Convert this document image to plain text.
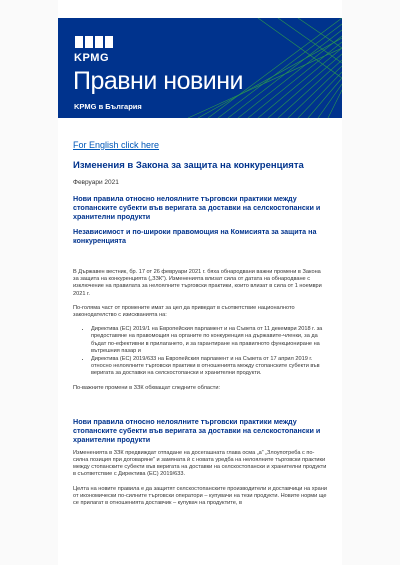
KPMG
Правни новини
KPMG в България
For English click here
Изменения в Закона за защита на конкуренцията
Февруари 2021
Нови правила относно нелоялните търговски практики между стопанските субекти във веригата за доставки на селскостопански и хранителни продукти
Независимост и по-широки правомощия на Комисията за защита на конкуренцията
В Държавен вестник, бр. 17 от 26 февруари 2021 г. бяха обнародвани важни промени в Закона за защита на конкуренцията („ЗЗК“). Измененията влизат сила от датата на обнародване с изключение на правилата за нелоялните търговски практики, които влизат в сила от 1 ноември 2021 г.
По-голяма част от промените имат за цел да приведат в съответствие националното законодателство с изискванията на:
• Директива (ЕС) 2019/1 на Европейския парламент и на Съвета от 11 декември 2018 г. за предоставяне на правомощия на органите по конкуренция на държавите-членки, за да бъдат по-ефективни в прилагането, и за гарантиране на правилното функциониране на вътрешния пазар и
• Директива (ЕС) 2019/633 на Европейския парламент и на Съвета от 17 април 2019 г. относно нелоялните търговски практики в отношенията между стопанските субекти във веригата за доставки на селскостопански и хранителни продукти.
По-важните промени в ЗЗК обхващат следните области:
Нови правила относно нелоялните търговски практики между стопанските субекти във веригата за доставки на селскостопански и хранителни продукти
Измененията в ЗЗК предвиждат отпадане на досегашната глава осма „а“ „Злоупотреба с по-силна позиция при договаряне“ и замяната ѝ с новата уредба на нелоялните търговски практики между стопанските субекти във веригата на доставки на селскостопански и хранителни продукти в съответствие с Директива (ЕС) 2019/633.
Целта на новите правила е да защитят селскостопанските производители и доставчици на храни от икономически по-силните търговски оператори – купувачи на тези продукти. Новите норми ще се прилагат в отношенията доставчик – купувач на продуктите, в
